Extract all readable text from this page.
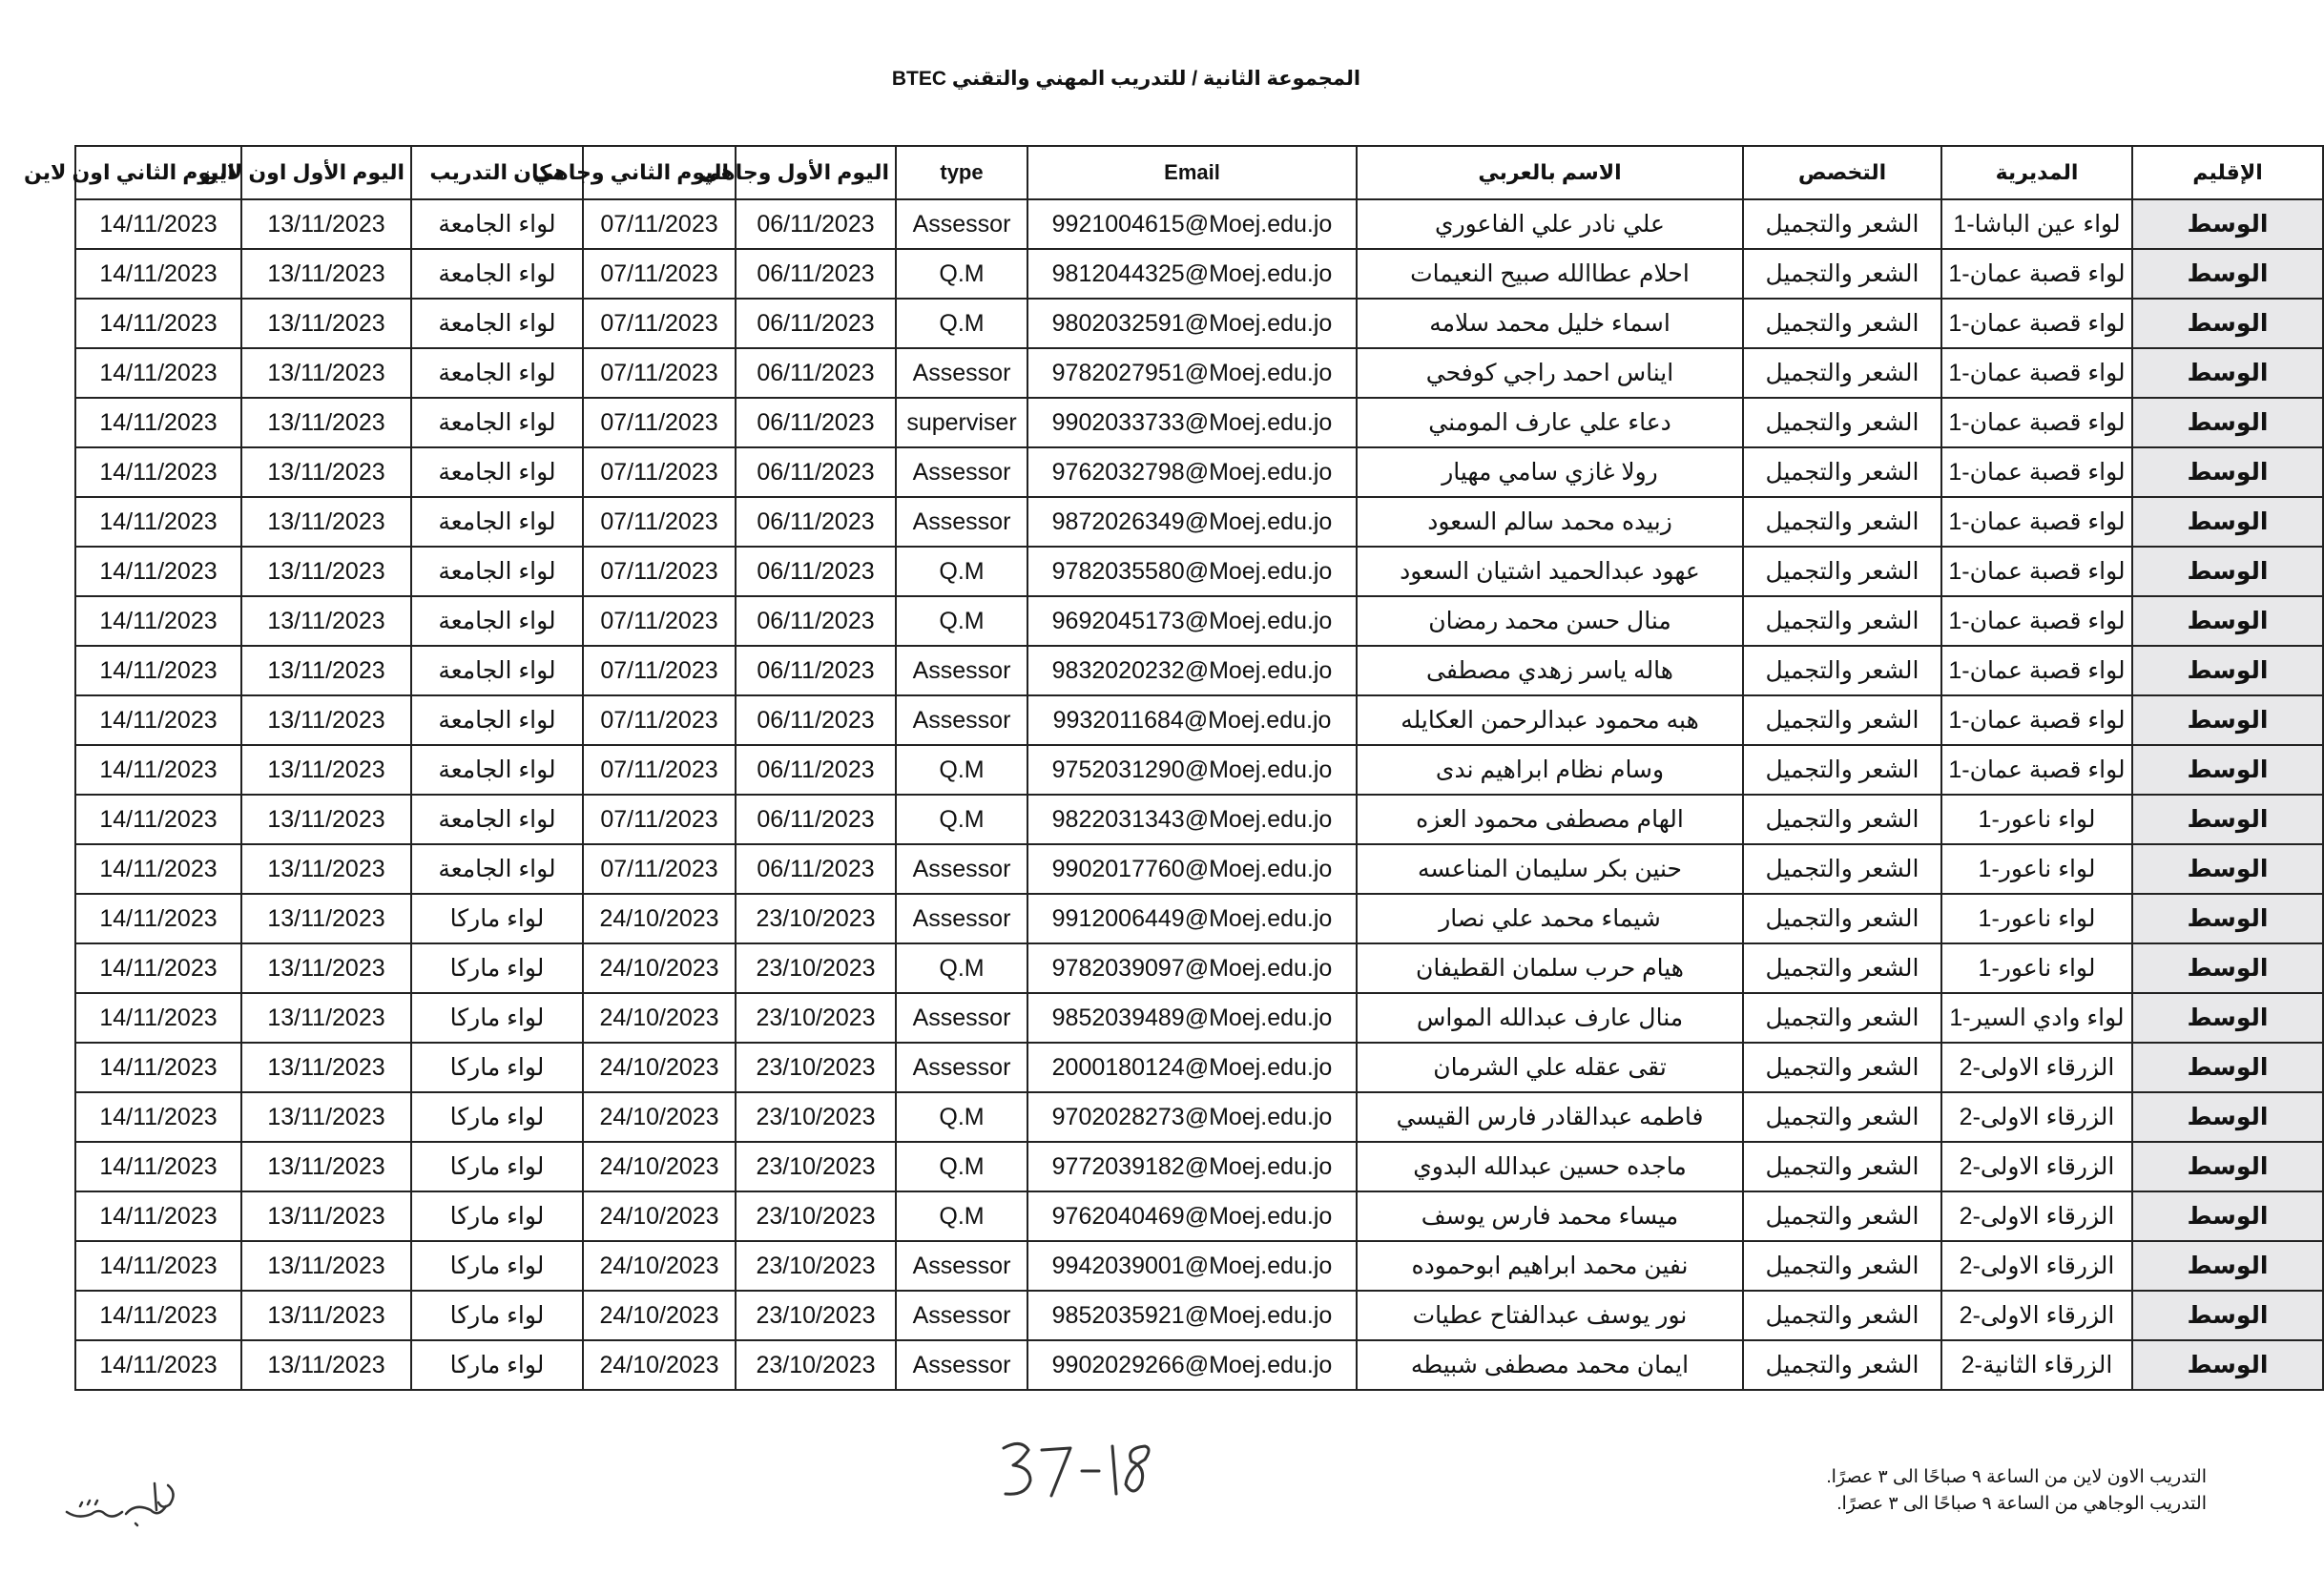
المجموعة الثانية / للتدريب المهني والتقني BTEC
الإقليم	المديرية	التخصص	الاسم بالعربي	Email	type	اليوم الأول وجاهي	اليوم الثاني وجاهي	مكان التدريب	اليوم الأول اون لاين	اليوم الثاني اون لاين
الوسط	لواء عين الباشا-1	الشعر والتجميل	علي نادر علي الفاعوري	9921004615@Moej.edu.jo	Assessor	06/11/2023	07/11/2023	لواء الجامعة	13/11/2023	14/11/2023
الوسط	لواء قصبة عمان-1	الشعر والتجميل	احلام عطاالله صبيح النعيمات	9812044325@Moej.edu.jo	Q.M	06/11/2023	07/11/2023	لواء الجامعة	13/11/2023	14/11/2023
الوسط	لواء قصبة عمان-1	الشعر والتجميل	اسماء خليل محمد سلامه	9802032591@Moej.edu.jo	Q.M	06/11/2023	07/11/2023	لواء الجامعة	13/11/2023	14/11/2023
الوسط	لواء قصبة عمان-1	الشعر والتجميل	ايناس احمد راجي كوفحي	9782027951@Moej.edu.jo	Assessor	06/11/2023	07/11/2023	لواء الجامعة	13/11/2023	14/11/2023
الوسط	لواء قصبة عمان-1	الشعر والتجميل	دعاء علي عارف المومني	9902033733@Moej.edu.jo	superviser	06/11/2023	07/11/2023	لواء الجامعة	13/11/2023	14/11/2023
الوسط	لواء قصبة عمان-1	الشعر والتجميل	رولا غازي سامي مهيار	9762032798@Moej.edu.jo	Assessor	06/11/2023	07/11/2023	لواء الجامعة	13/11/2023	14/11/2023
الوسط	لواء قصبة عمان-1	الشعر والتجميل	زبيده محمد سالم السعود	9872026349@Moej.edu.jo	Assessor	06/11/2023	07/11/2023	لواء الجامعة	13/11/2023	14/11/2023
الوسط	لواء قصبة عمان-1	الشعر والتجميل	عهود عبدالحميد اشتيان السعود	9782035580@Moej.edu.jo	Q.M	06/11/2023	07/11/2023	لواء الجامعة	13/11/2023	14/11/2023
الوسط	لواء قصبة عمان-1	الشعر والتجميل	منال حسن محمد رمضان	9692045173@Moej.edu.jo	Q.M	06/11/2023	07/11/2023	لواء الجامعة	13/11/2023	14/11/2023
الوسط	لواء قصبة عمان-1	الشعر والتجميل	هاله ياسر زهدي مصطفى	9832020232@Moej.edu.jo	Assessor	06/11/2023	07/11/2023	لواء الجامعة	13/11/2023	14/11/2023
الوسط	لواء قصبة عمان-1	الشعر والتجميل	هبه محمود عبدالرحمن العكايله	9932011684@Moej.edu.jo	Assessor	06/11/2023	07/11/2023	لواء الجامعة	13/11/2023	14/11/2023
الوسط	لواء قصبة عمان-1	الشعر والتجميل	وسام نظام ابراهيم ندى	9752031290@Moej.edu.jo	Q.M	06/11/2023	07/11/2023	لواء الجامعة	13/11/2023	14/11/2023
الوسط	لواء ناعور-1	الشعر والتجميل	الهام مصطفى محمود العزه	9822031343@Moej.edu.jo	Q.M	06/11/2023	07/11/2023	لواء الجامعة	13/11/2023	14/11/2023
الوسط	لواء ناعور-1	الشعر والتجميل	حنين بكر سليمان المناعسه	9902017760@Moej.edu.jo	Assessor	06/11/2023	07/11/2023	لواء الجامعة	13/11/2023	14/11/2023
الوسط	لواء ناعور-1	الشعر والتجميل	شيماء محمد علي نصار	9912006449@Moej.edu.jo	Assessor	23/10/2023	24/10/2023	لواء ماركا	13/11/2023	14/11/2023
الوسط	لواء ناعور-1	الشعر والتجميل	هيام حرب سلمان القطيفان	9782039097@Moej.edu.jo	Q.M	23/10/2023	24/10/2023	لواء ماركا	13/11/2023	14/11/2023
الوسط	لواء وادي السير-1	الشعر والتجميل	منال عارف عبدالله المواس	9852039489@Moej.edu.jo	Assessor	23/10/2023	24/10/2023	لواء ماركا	13/11/2023	14/11/2023
الوسط	الزرقاء الاولى-2	الشعر والتجميل	تقى عقله علي الشرمان	2000180124@Moej.edu.jo	Assessor	23/10/2023	24/10/2023	لواء ماركا	13/11/2023	14/11/2023
الوسط	الزرقاء الاولى-2	الشعر والتجميل	فاطمه عبدالقادر فارس القيسي	9702028273@Moej.edu.jo	Q.M	23/10/2023	24/10/2023	لواء ماركا	13/11/2023	14/11/2023
الوسط	الزرقاء الاولى-2	الشعر والتجميل	ماجده حسين عبدالله البدوي	9772039182@Moej.edu.jo	Q.M	23/10/2023	24/10/2023	لواء ماركا	13/11/2023	14/11/2023
الوسط	الزرقاء الاولى-2	الشعر والتجميل	ميساء محمد فارس يوسف	9762040469@Moej.edu.jo	Q.M	23/10/2023	24/10/2023	لواء ماركا	13/11/2023	14/11/2023
الوسط	الزرقاء الاولى-2	الشعر والتجميل	نفين محمد ابراهيم ابوحموده	9942039001@Moej.edu.jo	Assessor	23/10/2023	24/10/2023	لواء ماركا	13/11/2023	14/11/2023
الوسط	الزرقاء الاولى-2	الشعر والتجميل	نور يوسف عبدالفتاح عطيات	9852035921@Moej.edu.jo	Assessor	23/10/2023	24/10/2023	لواء ماركا	13/11/2023	14/11/2023
الوسط	الزرقاء الثانية-2	الشعر والتجميل	ايمان محمد مصطفى شبيطه	9902029266@Moej.edu.jo	Assessor	23/10/2023	24/10/2023	لواء ماركا	13/11/2023	14/11/2023
التدريب الاون لاين من الساعة ٩ صباحًا الى ٣ عصرًا.
التدريب الوجاهي من الساعة ٩ صباحًا الى ٣ عصرًا.
